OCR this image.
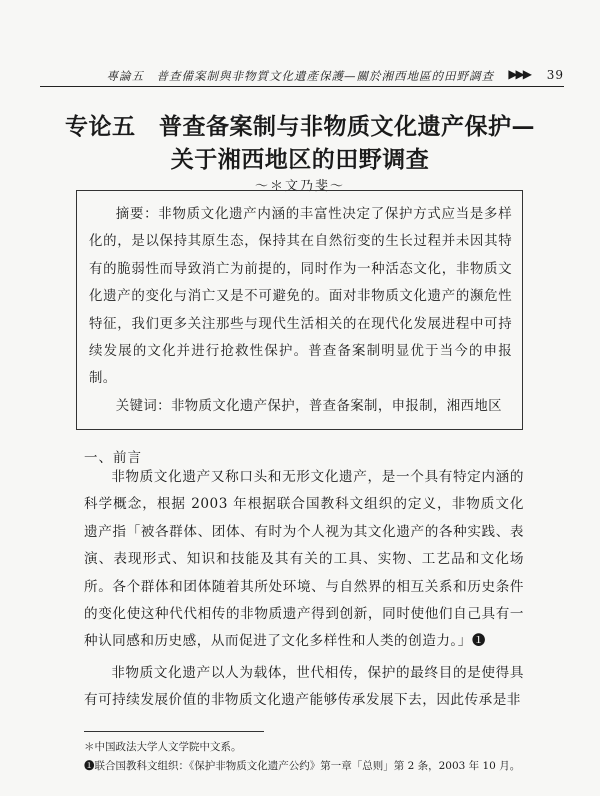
專論五　普查備案制與非物質文化遺產保護—關於湘西地區的田野調查 ▶▶▶ 39
专论五　普查备案制与非物质文化遗产保护—
关于湘西地区的田野调查
～＊文乃斐～

摘要：非物质文化遗产内涵的丰富性决定了保护方式应当是多样化的，是以保持其原生态，保持其在自然衍变的生长过程并未因其特有的脆弱性而导致消亡为前提的，同时作为一种活态文化，非物质文化遗产的变化与消亡又是不可避免的。面对非物质文化遗产的濒危性特征，我们更多关注那些与现代生活相关的在现代化发展进程中可持续发展的文化并进行抢救性保护。普查备案制明显优于当今的申报制。

关键词：非物质文化遗产保护，普查备案制，申报制，湘西地区

一、前言

非物质文化遗产又称口头和无形文化遗产，是一个具有特定内涵的科学概念，根据 2003 年根据联合国教科文组织的定义，非物质文化遗产指「被各群体、团体、有时为个人视为其文化遗产的各种实践、表演、表现形式、知识和技能及其有关的工具、实物、工艺品和文化场所。各个群体和团体随着其所处环境、与自然界的相互关系和历史条件的变化使这种代代相传的非物质遗产得到创新，同时使他们自己具有一种认同感和历史感，从而促进了文化多样性和人类的创造力。」❶

非物质文化遗产以人为载体，世代相传，保护的最终目的是使得具有可持续发展价值的非物质文化遗产能够传承发展下去，因此传承是非

＊中国政法大学人文学院中文系。
❶联合国教科文组织：《保护非物质文化遗产公约》第一章「总则」第 2 条，2003 年 10 月。
